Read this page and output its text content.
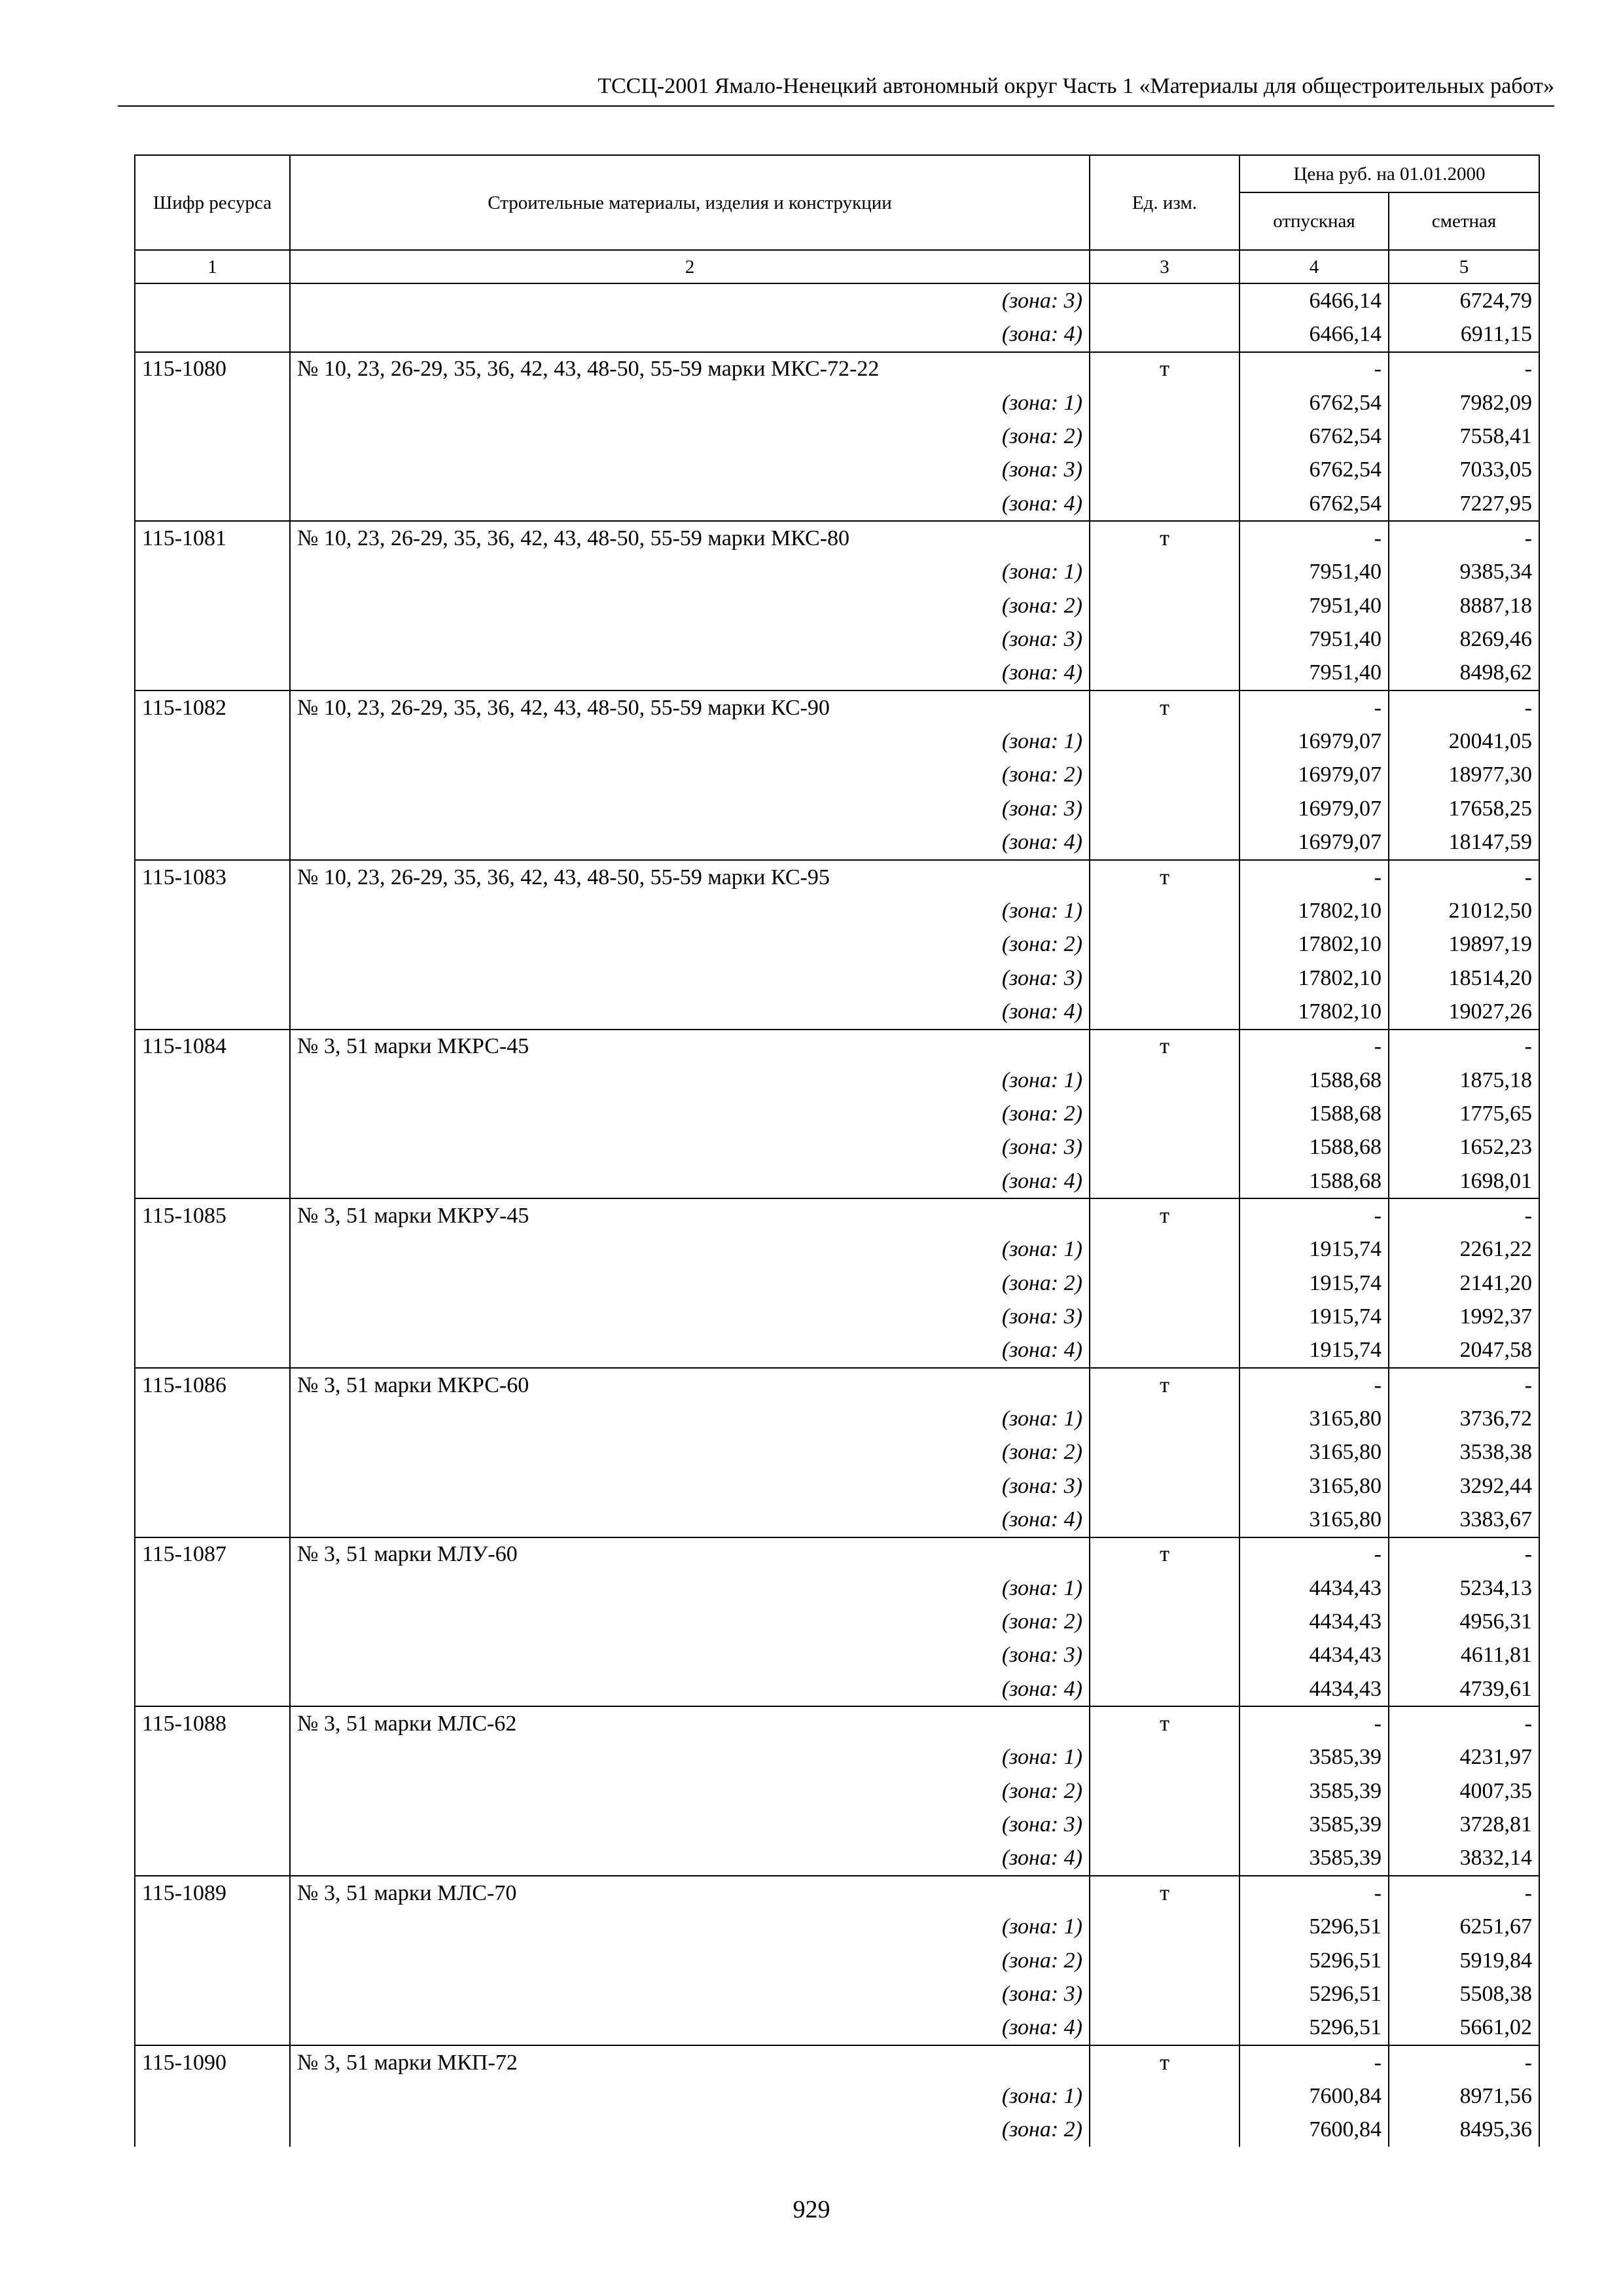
ТССЦ-2001 Ямало-Ненецкий автономный округ Часть 1 «Материалы для общестроительных работ»
Шифр ресурса	Строительные материалы, изделия и конструкции	Ед. изм.	Цена руб. на 01.01.2000	
			отпускная	сметная
1	2	3	4	5
	(зона: 3)		6466,14	6724,79
	(зона: 4)		6466,14	6911,15
115-1080	№ 10, 23, 26-29, 35, 36, 42, 43, 48-50, 55-59 марки МКС-72-22	т	-	-
	(зона: 1)		6762,54	7982,09
	(зона: 2)		6762,54	7558,41
	(зона: 3)		6762,54	7033,05
	(зона: 4)		6762,54	7227,95
115-1081	№ 10, 23, 26-29, 35, 36, 42, 43, 48-50, 55-59 марки МКС-80	т	-	-
	(зона: 1)		7951,40	9385,34
	(зона: 2)		7951,40	8887,18
	(зона: 3)		7951,40	8269,46
	(зона: 4)		7951,40	8498,62
115-1082	№ 10, 23, 26-29, 35, 36, 42, 43, 48-50, 55-59 марки КС-90	т	-	-
	(зона: 1)		16979,07	20041,05
	(зона: 2)		16979,07	18977,30
	(зона: 3)		16979,07	17658,25
	(зона: 4)		16979,07	18147,59
115-1083	№ 10, 23, 26-29, 35, 36, 42, 43, 48-50, 55-59 марки КС-95	т	-	-
	(зона: 1)		17802,10	21012,50
	(зона: 2)		17802,10	19897,19
	(зона: 3)		17802,10	18514,20
	(зона: 4)		17802,10	19027,26
115-1084	№ 3, 51 марки МКРС-45	т	-	-
	(зона: 1)		1588,68	1875,18
	(зона: 2)		1588,68	1775,65
	(зона: 3)		1588,68	1652,23
	(зона: 4)		1588,68	1698,01
115-1085	№ 3, 51 марки МКРУ-45	т	-	-
	(зона: 1)		1915,74	2261,22
	(зона: 2)		1915,74	2141,20
	(зона: 3)		1915,74	1992,37
	(зона: 4)		1915,74	2047,58
115-1086	№ 3, 51 марки МКРС-60	т	-	-
	(зона: 1)		3165,80	3736,72
	(зона: 2)		3165,80	3538,38
	(зона: 3)		3165,80	3292,44
	(зона: 4)		3165,80	3383,67
115-1087	№ 3, 51 марки МЛУ-60	т	-	-
	(зона: 1)		4434,43	5234,13
	(зона: 2)		4434,43	4956,31
	(зона: 3)		4434,43	4611,81
	(зона: 4)		4434,43	4739,61
115-1088	№ 3, 51 марки МЛС-62	т	-	-
	(зона: 1)		3585,39	4231,97
	(зона: 2)		3585,39	4007,35
	(зона: 3)		3585,39	3728,81
	(зона: 4)		3585,39	3832,14
115-1089	№ 3, 51 марки МЛС-70	т	-	-
	(зона: 1)		5296,51	6251,67
	(зона: 2)		5296,51	5919,84
	(зона: 3)		5296,51	5508,38
	(зона: 4)		5296,51	5661,02
115-1090	№ 3, 51 марки МКП-72	т	-	-
	(зона: 1)		7600,84	8971,56
	(зона: 2)		7600,84	8495,36
929
